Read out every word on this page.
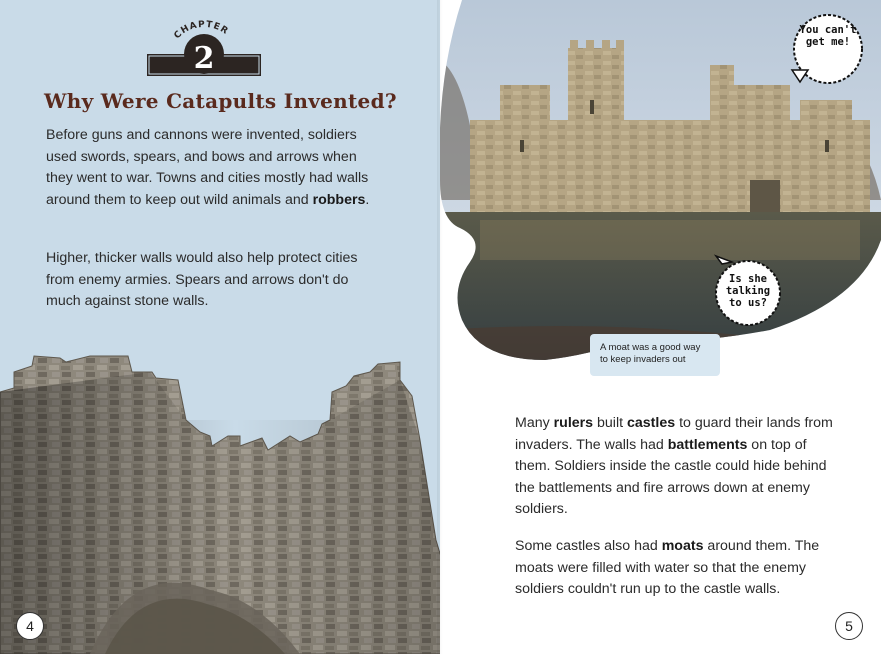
CHAPTER
2
Why Were Catapults Invented?

Before guns and cannons were invented, soldiers used swords, spears, and bows and arrows when they went to war. Towns and cities mostly had walls around them to keep out wild animals and robbers.

Higher, thicker walls would also help protect cities from enemy armies. Spears and arrows don't do much against stone walls.

4
You can't get me!
Is she talking to us?
A moat was a good way to keep invaders out

Many rulers built castles to guard their lands from invaders. The walls had battlements on top of them. Soldiers inside the castle could hide behind the battlements and fire arrows down at enemy soldiers.

Some castles also had moats around them. The moats were filled with water so that the enemy soldiers couldn't run up to the castle walls.

5
